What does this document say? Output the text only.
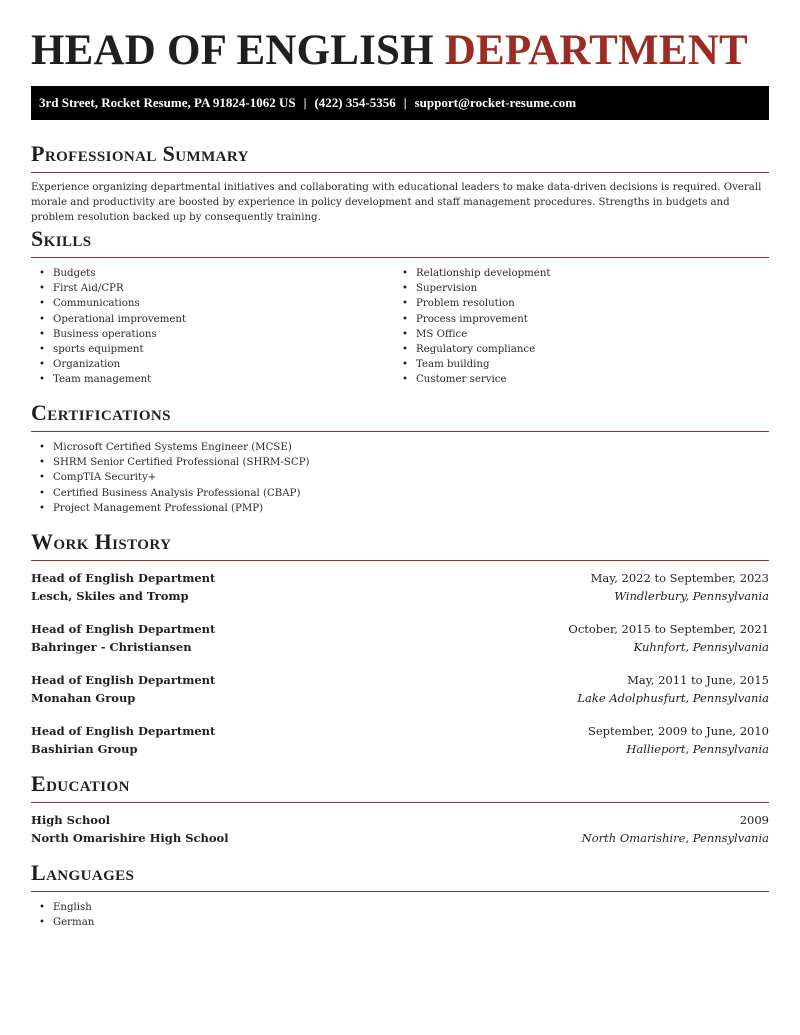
HEAD OF ENGLISH DEPARTMENT
3rd Street, Rocket Resume, PA 91824-1062 US | (422) 354-5356 | support@rocket-resume.com
Professional Summary

Experience organizing departmental initiatives and collaborating with educational leaders to make data-driven decisions is required. Overall morale and productivity are boosted by experience in policy development and staff management procedures. Strengths in budgets and problem resolution backed up by consequently training.

Skills
• Budgets
• First Aid/CPR
• Communications
• Operational improvement
• Business operations
• sports equipment
• Organization
• Team management
• Relationship development
• Supervision
• Problem resolution
• Process improvement
• MS Office
• Regulatory compliance
• Team building
• Customer service
Certifications
• Microsoft Certified Systems Engineer (MCSE)
• SHRM Senior Certified Professional (SHRM-SCP)
• CompTIA Security+
• Certified Business Analysis Professional (CBAP)
• Project Management Professional (PMP)
Work History
Head of English Department
Lesch, Skiles and Tromp
May, 2022 to September, 2023
Windlerbury, Pennsylvania
Head of English Department
Bahringer - Christiansen
October, 2015 to September, 2021
Kuhnfort, Pennsylvania
Head of English Department
Monahan Group
May, 2011 to June, 2015
Lake Adolphusfurt, Pennsylvania
Head of English Department
Bashirian Group
September, 2009 to June, 2010
Hallieport, Pennsylvania
Education
High School
North Omarishire High School
2009
North Omarishire, Pennsylvania
Languages
• English
• German
